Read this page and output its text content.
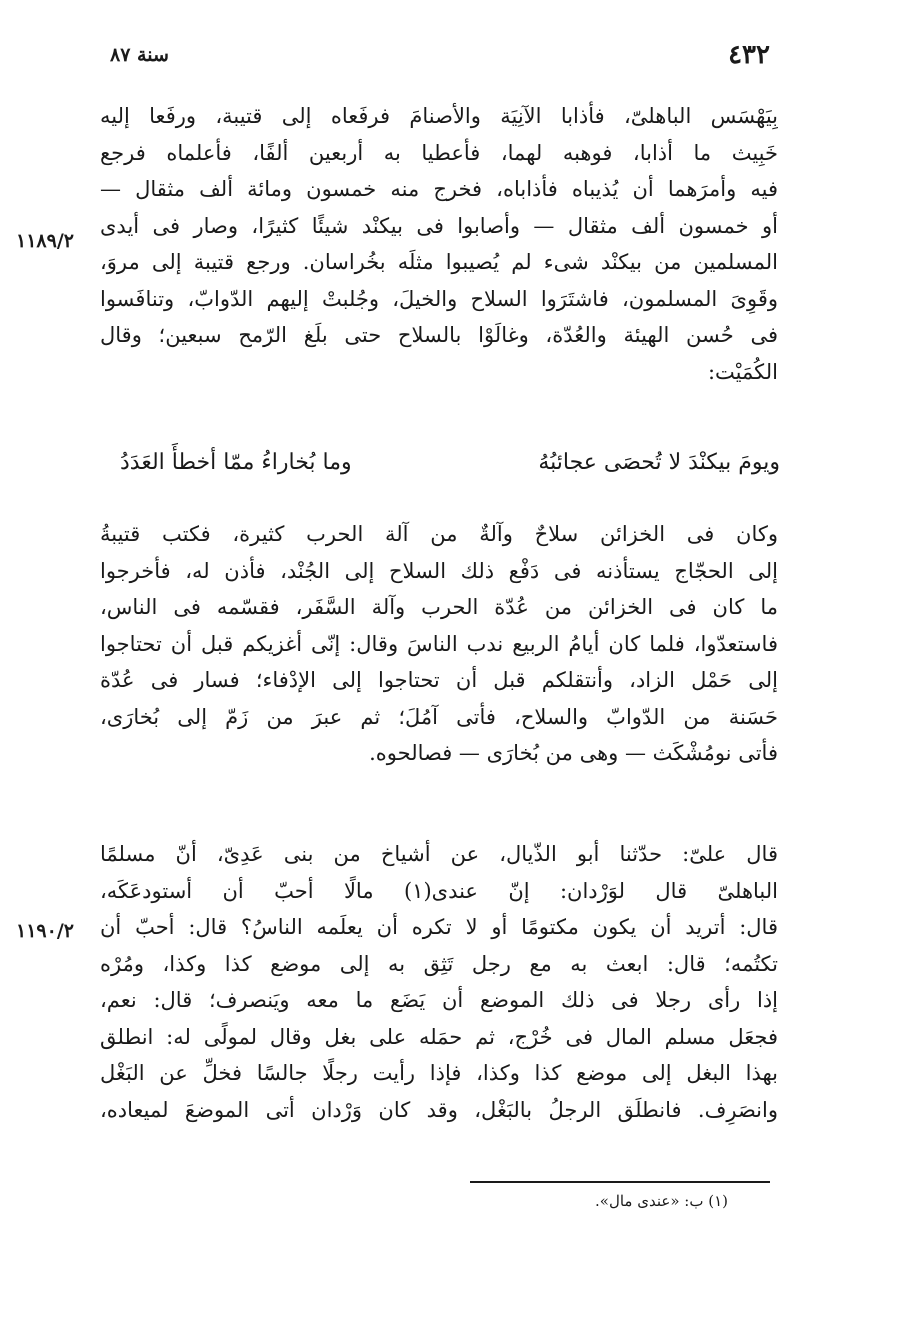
٤٣٢
سنة ٨٧
١١٨٩/٢
١١٩٠/٢
بِيَهْسَس الباهلىّ، فأذابا الآنِيَة والأصنامَ فرفَعاه إلى قتيبة، ورفَعا إليه
خَبِيث ما أذابا، فوهبه لهما، فأعطيا به أربعين ألفًا، فأعلماه فرجع
فيه وأمرَهما أن يُذيباه فأذاباه، فخرج منه خمسون ومائة ألف مثقال —
أو خمسون ألف مثقال — وأصابوا فى بيكنْد شيئًا كثيرًا، وصار فى أيدى
المسلمين من بيكنْد شىء لم يُصيبوا مثلَه بخُراسان. ورجع قتيبة إلى مروَ،
وقَوِىَ المسلمون، فاشتَرَوا السلاح والخيلَ، وجُلبتْ إليهم الدّوابّ، وتنافَسوا
فى حُسن الهيئة والعُدّة، وغالَوْا بالسلاح حتى بلَغ الرّمح سبعين؛ وقال
الكُمَيْت:
ويومَ بيكنْدَ لا تُحصَى عجائبُهُ
وما بُخاراءُ ممّا أخطأَ العَدَدُ
وكان فى الخزائن سلاحٌ وآلةٌ من آلة الحرب كثيرة، فكتب قتيبةُ
إلى الحجّاج يستأذنه فى دَفْع ذلك السلاح إلى الجُنْد، فأذن له، فأخرجوا
ما كان فى الخزائن من عُدّة الحرب وآلة السَّفَر، فقسّمه فى الناس،
فاستعدّوا، فلما كان أيامُ الربيع ندب الناسَ وقال: إنّى أغزيكم قبل أن تحتاجوا
إلى حَمْل الزاد، وأنتقلكم قبل أن تحتاجوا إلى الإدْفاء؛ فسار فى عُدّة
حَسَنة من الدّوابّ والسلاح، فأتى آمُلَ؛ ثم عبرَ من زَمّ إلى بُخارَى،
فأتى نومُشْكَث — وهى من بُخارَى — فصالحوه.
قال علىّ: حدّثنا أبو الذّيال، عن أشياخ من بنى عَدِىّ، أنّ مسلمًا
الباهلىّ قال لوَرْدان: إنّ عندى(١) مالًا أحبّ أن أستودعَكَه،
قال: أتريد أن يكون مكتومًا أو لا تكره أن يعلَمه الناسُ؟ قال: أحبّ أن
تكتُمه؛ قال: ابعث به مع رجل تَثِق به إلى موضع كذا وكذا، ومُرْه
إذا رأى رجلا فى ذلك الموضع أن يَضَع ما معه ويَنصرف؛ قال: نعم،
فجعَل مسلم المال فى خُرْج، ثم حمَله على بغل وقال لمولًى له: انطلق
بهذا البغل إلى موضع كذا وكذا، فإذا رأيت رجلًا جالسًا فخلِّ عن البَغْل
وانصَرِف. فانطلَق الرجلُ بالبَغْل، وقد كان وَرْدان أتى الموضعَ لميعاده،
(١) ب: «عندى مال».
